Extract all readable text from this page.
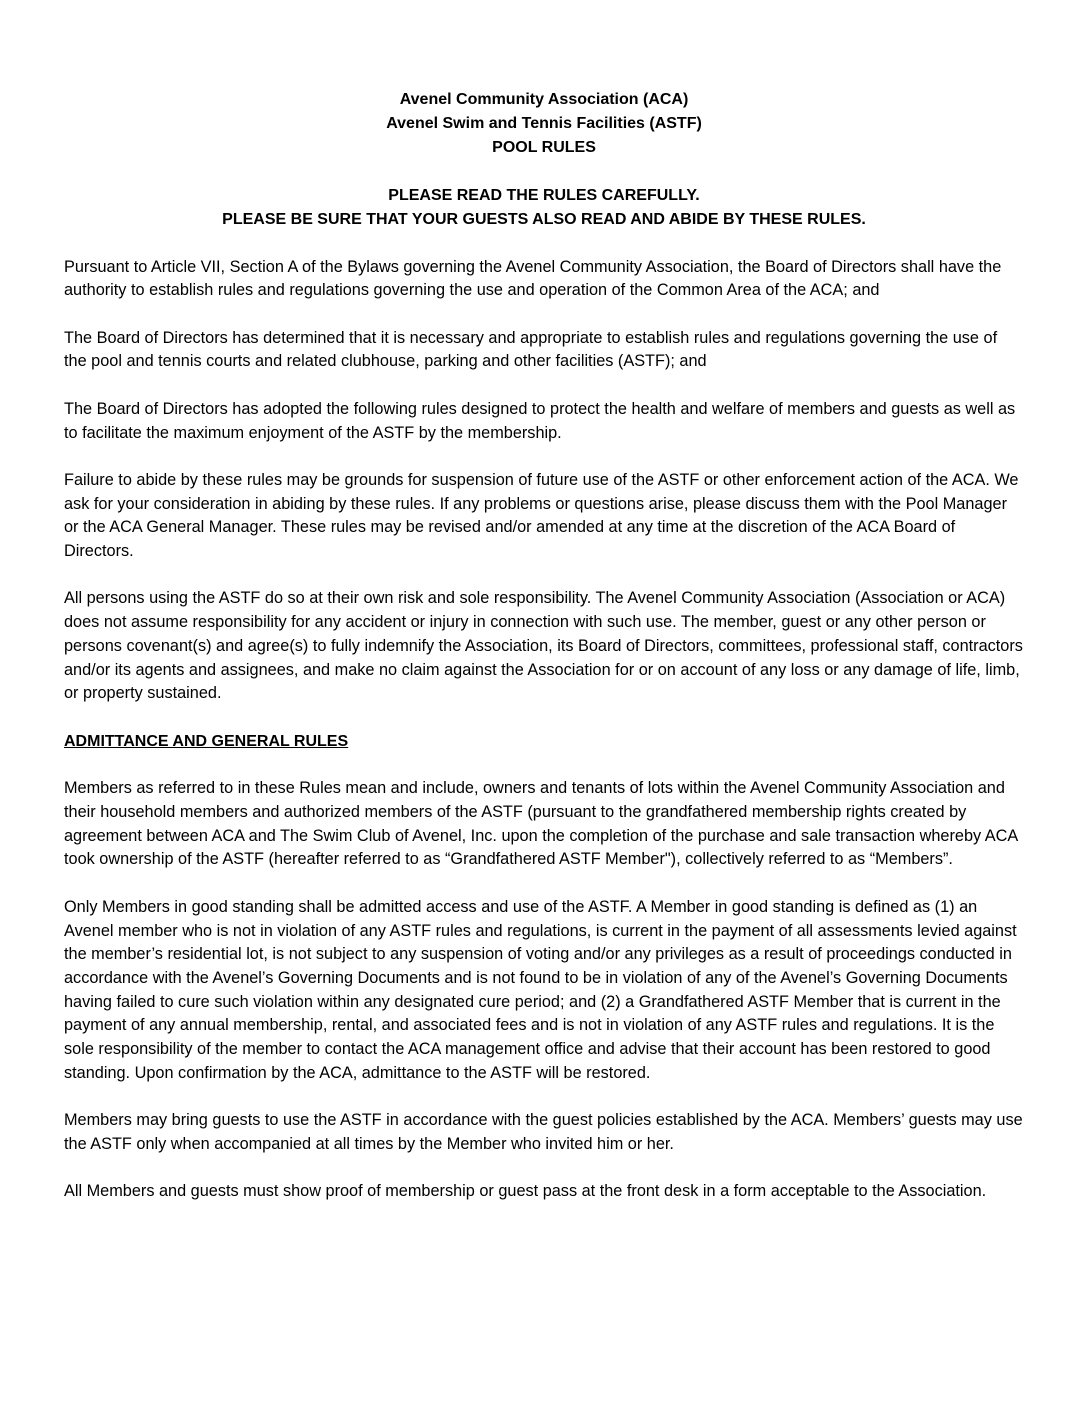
Avenel Community Association (ACA)

Avenel Swim and Tennis Facilities (ASTF)

POOL RULES

PLEASE READ THE RULES CAREFULLY.

PLEASE BE SURE THAT YOUR GUESTS ALSO READ AND ABIDE BY THESE RULES.

Pursuant to Article VII, Section A of the Bylaws governing the Avenel Community Association, the Board of Directors shall have the authority to establish rules and regulations governing the use and operation of the Common Area of the ACA; and

The Board of Directors has determined that it is necessary and appropriate to establish rules and regulations governing the use of the pool and tennis courts and related clubhouse, parking and other facilities (ASTF); and

The Board of Directors has adopted the following rules designed to protect the health and welfare of members and guests as well as to facilitate the maximum enjoyment of the ASTF by the membership.

Failure to abide by these rules may be grounds for suspension of future use of the ASTF or other enforcement action of the ACA. We ask for your consideration in abiding by these rules. If any problems or questions arise, please discuss them with the Pool Manager or the ACA General Manager. These rules may be revised and/or amended at any time at the discretion of the ACA Board of Directors.

All persons using the ASTF do so at their own risk and sole responsibility. The Avenel Community Association (Association or ACA) does not assume responsibility for any accident or injury in connection with such use. The member, guest or any other person or persons covenant(s) and agree(s) to fully indemnify the Association, its Board of Directors, committees, professional staff, contractors and/or its agents and assignees, and make no claim against the Association for or on account of any loss or any damage of life, limb, or property sustained.

ADMITTANCE AND GENERAL RULES

Members as referred to in these Rules mean and include, owners and tenants of lots within the Avenel Community Association and their household members and authorized members of the ASTF (pursuant to the grandfathered membership rights created by agreement between ACA and The Swim Club of Avenel, Inc. upon the completion of the purchase and sale transaction whereby ACA took ownership of the ASTF (hereafter referred to as “Grandfathered ASTF Member"), collectively referred to as “Members”.

Only Members in good standing shall be admitted access and use of the ASTF. A Member in good standing is defined as (1) an Avenel member who is not in violation of any ASTF rules and regulations, is current in the payment of all assessments levied against the member’s residential lot, is not subject to any suspension of voting and/or any privileges as a result of proceedings conducted in accordance with the Avenel’s Governing Documents and is not found to be in violation of any of the Avenel’s Governing Documents having failed to cure such violation within any designated cure period; and (2) a Grandfathered ASTF Member that is current in the payment of any annual membership, rental, and associated fees and is not in violation of any ASTF rules and regulations. It is the sole responsibility of the member to contact the ACA management office and advise that their account has been restored to good standing. Upon confirmation by the ACA, admittance to the ASTF will be restored.

Members may bring guests to use the ASTF in accordance with the guest policies established by the ACA. Members’ guests may use the ASTF only when accompanied at all times by the Member who invited him or her.

All Members and guests must show proof of membership or guest pass at the front desk in a form acceptable to the Association.
